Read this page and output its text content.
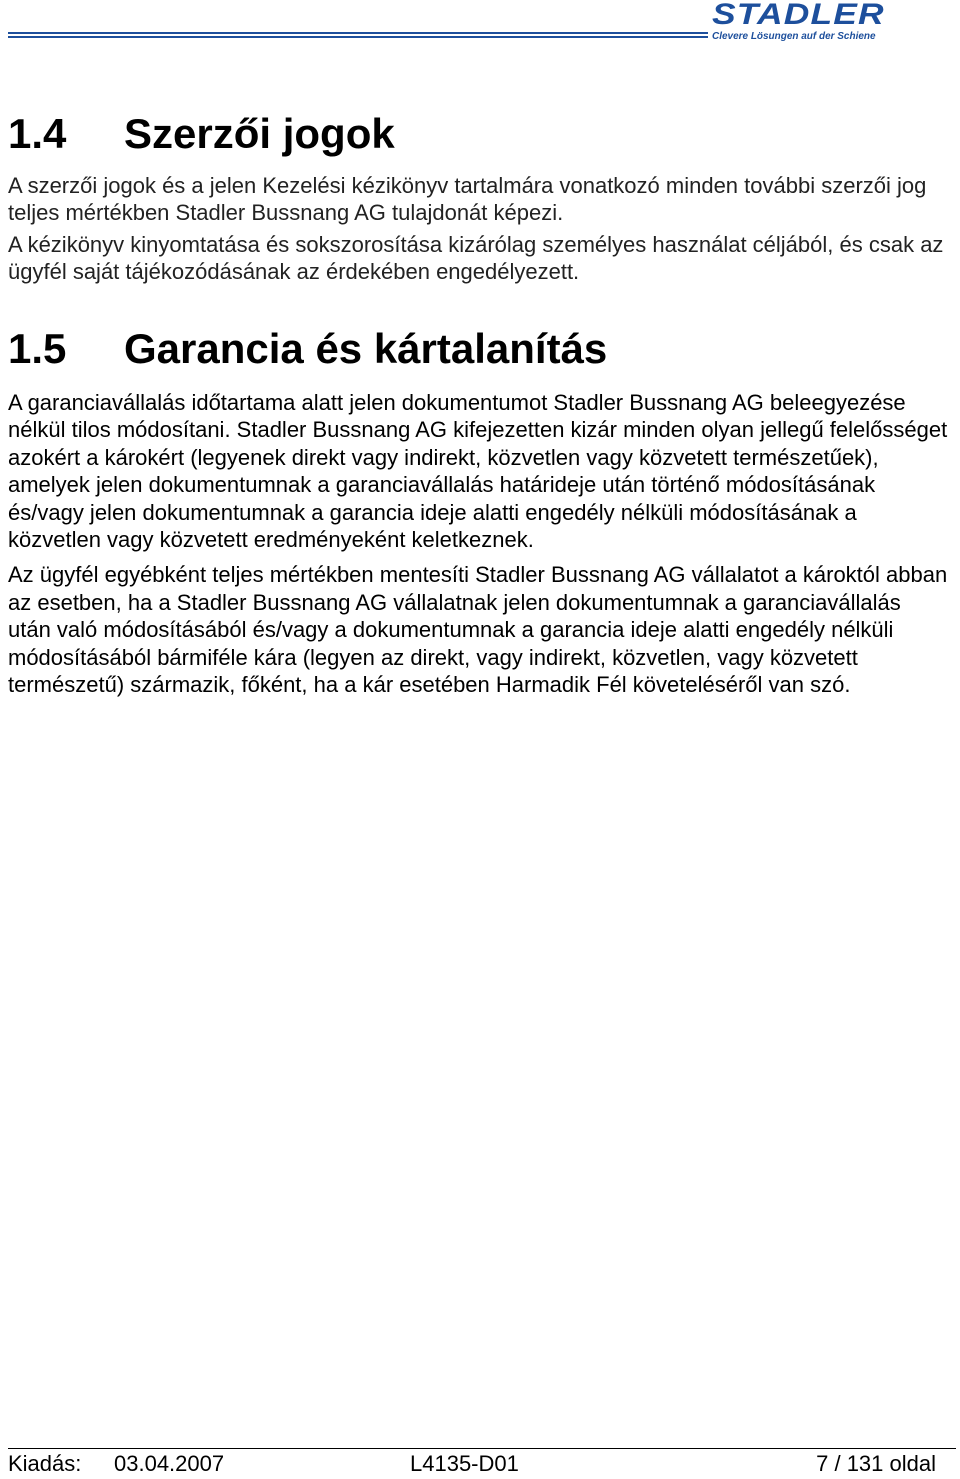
STADLER
Clevere Lösungen auf der Schiene
1.4 Szerzői jogok

A szerzői jogok és a jelen Kezelési kézikönyv tartalmára vonatkozó minden további szerzői jog teljes mértékben Stadler Bussnang AG tulajdonát képezi.

A kézikönyv kinyomtatása és sokszorosítása kizárólag személyes használat céljából, és csak az ügyfél saját tájékozódásának az érdekében engedélyezett.

1.5 Garancia és kártalanítás

A garanciavállalás időtartama alatt jelen dokumentumot Stadler Bussnang AG beleegyezése nélkül tilos módosítani. Stadler Bussnang AG kifejezetten kizár minden olyan jellegű felelősséget azokért a károkért (legyenek direkt vagy indirekt, közvetlen vagy közvetett természetűek), amelyek jelen dokumentumnak a garanciavállalás határideje után történő módosításának és/vagy jelen dokumentumnak a garancia ideje alatti engedély nélküli módosításának a közvetlen vagy közvetett eredményeként keletkeznek.

Az ügyfél egyébként teljes mértékben mentesíti Stadler Bussnang AG vállalatot a károktól abban az esetben, ha a Stadler Bussnang AG vállalatnak jelen dokumentumnak a garanciavállalás után való módosításából és/vagy a dokumentumnak a garancia ideje alatti engedély nélküli módosításából bármiféle kára (legyen az direkt, vagy indirekt, közvetlen, vagy közvetett természetű) származik, főként, ha a kár esetében Harmadik Fél követeléséről van szó.

Kiadás: 03.04.2007	L4135-D01	7 / 131 oldal
